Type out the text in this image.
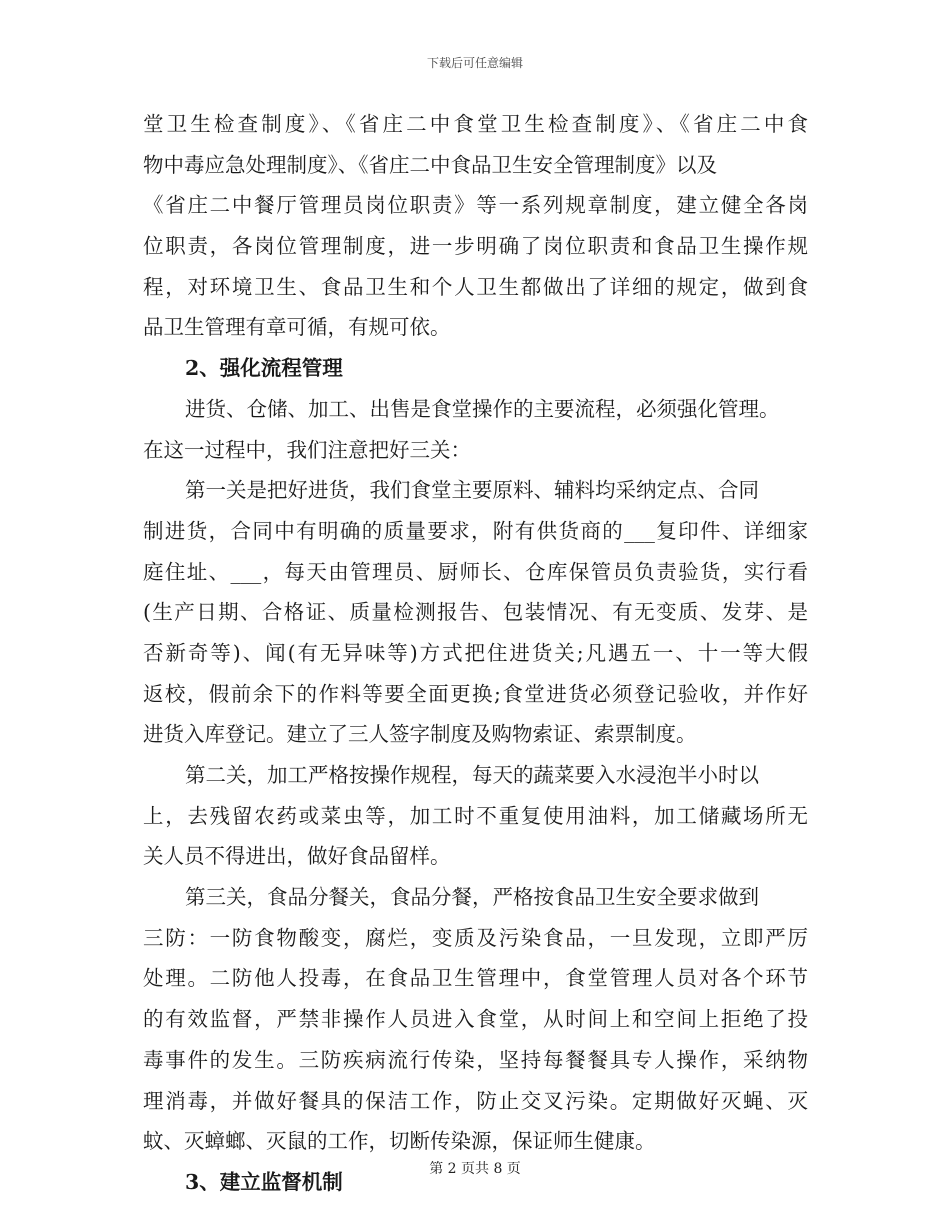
下载后可任意编辑
堂卫生检查制度》、《省庄二中食堂卫生检查制度》、《省庄二中食
物中毒应急处理制度》、《省庄二中食品卫生安全管理制度》以及
《省庄二中餐厅管理员岗位职责》等一系列规章制度，建立健全各岗
位职责，各岗位管理制度，进一步明确了岗位职责和食品卫生操作规
程，对环境卫生、食品卫生和个人卫生都做出了详细的规定，做到食
品卫生管理有章可循，有规可依。
2、强化流程管理
进货、仓储、加工、出售是食堂操作的主要流程，必须强化管理。
在这一过程中，我们注意把好三关：
第一关是把好进货，我们食堂主要原料、辅料均采纳定点、合同
制进货，合同中有明确的质量要求，附有供货商的___复印件、详细家
庭住址、___，每天由管理员、厨师长、仓库保管员负责验货，实行看
(生产日期、合格证、质量检测报告、包装情况、有无变质、发芽、是
否新奇等)、闻(有无异味等)方式把住进货关;凡遇五一、十一等大假
返校，假前余下的作料等要全面更换;食堂进货必须登记验收，并作好
进货入库登记。建立了三人签字制度及购物索证、索票制度。
第二关，加工严格按操作规程，每天的蔬菜要入水浸泡半小时以
上，去残留农药或菜虫等，加工时不重复使用油料，加工储藏场所无
关人员不得进出，做好食品留样。
第三关，食品分餐关，食品分餐，严格按食品卫生安全要求做到
三防：一防食物酸变，腐烂，变质及污染食品，一旦发现，立即严厉
处理。二防他人投毒，在食品卫生管理中，食堂管理人员对各个环节
的有效监督，严禁非操作人员进入食堂，从时间上和空间上拒绝了投
毒事件的发生。三防疾病流行传染，坚持每餐餐具专人操作，采纳物
理消毒，并做好餐具的保洁工作，防止交叉污染。定期做好灭蝇、灭
蚊、灭蟑螂、灭鼠的工作，切断传染源，保证师生健康。
3、建立监督机制
第 2 页共 8 页
